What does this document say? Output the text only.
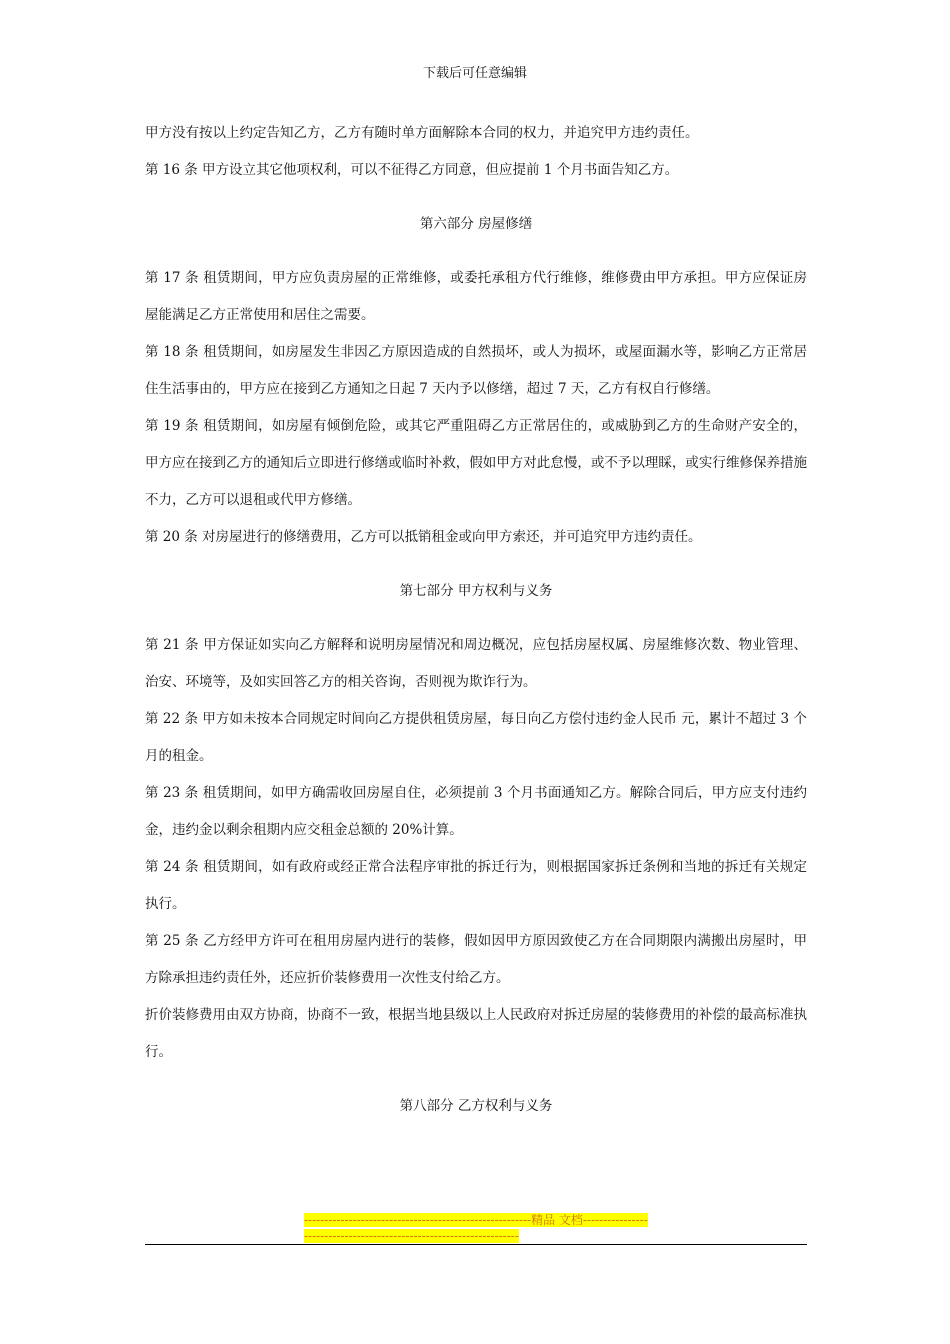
下载后可任意编辑

甲方没有按以上约定告知乙方，乙方有随时单方面解除本合同的权力，并追究甲方违约责任。

第 16 条 甲方设立其它他项权利，可以不征得乙方同意，但应提前 1 个月书面告知乙方。

第六部分 房屋修缮

第 17 条 租赁期间，甲方应负责房屋的正常维修，或委托承租方代行维修，维修费由甲方承担。甲方应保证房屋能满足乙方正常使用和居住之需要。

第 18 条 租赁期间，如房屋发生非因乙方原因造成的自然损坏，或人为损坏，或屋面漏水等，影响乙方正常居住生活事由的，甲方应在接到乙方通知之日起 7 天内予以修缮，超过 7 天，乙方有权自行修缮。

第 19 条 租赁期间，如房屋有倾倒危险，或其它严重阻碍乙方正常居住的，或威胁到乙方的生命财产安全的，甲方应在接到乙方的通知后立即进行修缮或临时补救，假如甲方对此怠慢，或不予以理睬，或实行维修保养措施不力，乙方可以退租或代甲方修缮。

第 20 条 对房屋进行的修缮费用，乙方可以抵销租金或向甲方索还，并可追究甲方违约责任。

第七部分 甲方权利与义务

第 21 条 甲方保证如实向乙方解释和说明房屋情况和周边概况，应包括房屋权属、房屋维修次数、物业管理、治安、环境等，及如实回答乙方的相关咨询，否则视为欺诈行为。

第 22 条 甲方如未按本合同规定时间向乙方提供租赁房屋，每日向乙方偿付违约金人民币 元，累计不超过 3 个月的租金。

第 23 条 租赁期间，如甲方确需收回房屋自住，必须提前 3 个月书面通知乙方。解除合同后，甲方应支付违约金，违约金以剩余租期内应交租金总额的 20%计算。

第 24 条 租赁期间，如有政府或经正常合法程序审批的拆迁行为，则根据国家拆迁条例和当地的拆迁有关规定执行。

第 25 条 乙方经甲方许可在租用房屋内进行的装修，假如因甲方原因致使乙方在合同期限内满搬出房屋时，甲方除承担违约责任外，还应折价装修费用一次性支付给乙方。

折价装修费用由双方协商，协商不一致，根据当地县级以上人民政府对拆迁房屋的装修费用的补偿的最高标准执行。

第八部分 乙方权利与义务

--------------------------------------------------------精品 文档---------------------------------------------------------------------
